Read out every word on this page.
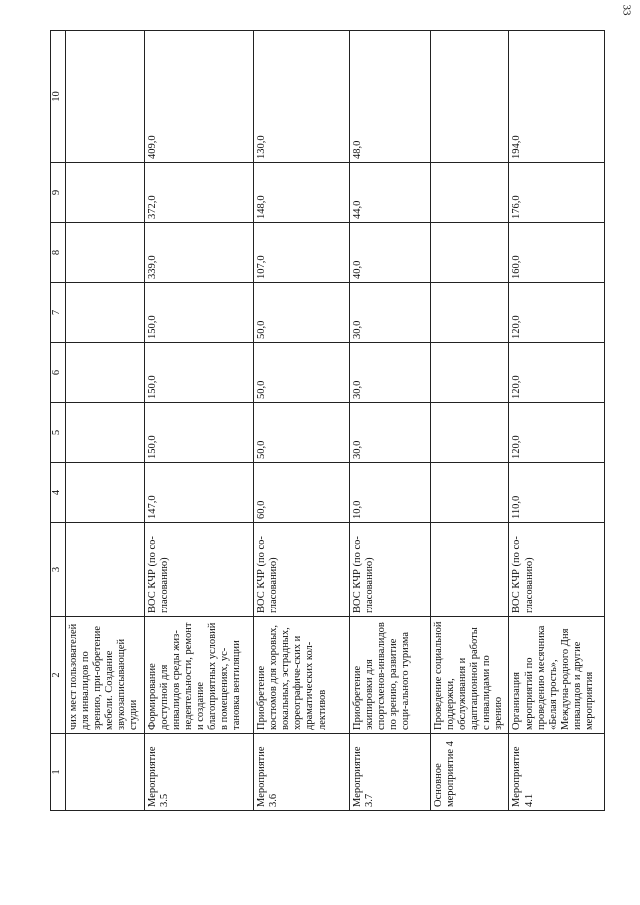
33
1	2	3	4	5	6	7	8	9	10
	чих мест пользователей для инвалидов по зрению, при-обретение мебели. Создание звукозаписывающей студии								
Мероприятие 3.5	Формирование доступной для инвалидов среды жиз-недеятельности, ремонт и создание благоприятных условий в помещениях, ус-тановка вентиляции	ВОС КЧР (по со-гласованию)	147,0	150,0	150,0	150,0	339,0	372,0	409,0
Мероприятие 3.6	Приобретение костюмов для хоровых, вокальных, эстрадных, хореографиче-ских и драматических кол-лективов	ВОС КЧР (по со-гласованию)	60,0	50,0	50,0	50,0	107,0	148,0	130,0
Мероприятие 3.7	Приобретение экипировки для спортсменов-инвалидов по зрению, развитие соци-ального туризма	ВОС КЧР (по со-гласованию)	10,0	30,0	30,0	30,0	40,0	44,0	48,0
Основное мероприятие 4	Проведение социальной поддержки, обслуживания и адаптационной работы с инвалидами по зрению								
Мероприятие 4.1	Организация мероприятий по проведению месячника «Белая трость», Междуна-родного Дня инвалидов и другие мероприятия	ВОС КЧР (по со-гласованию)	110,0	120,0	120,0	120,0	160,0	176,0	194,0
